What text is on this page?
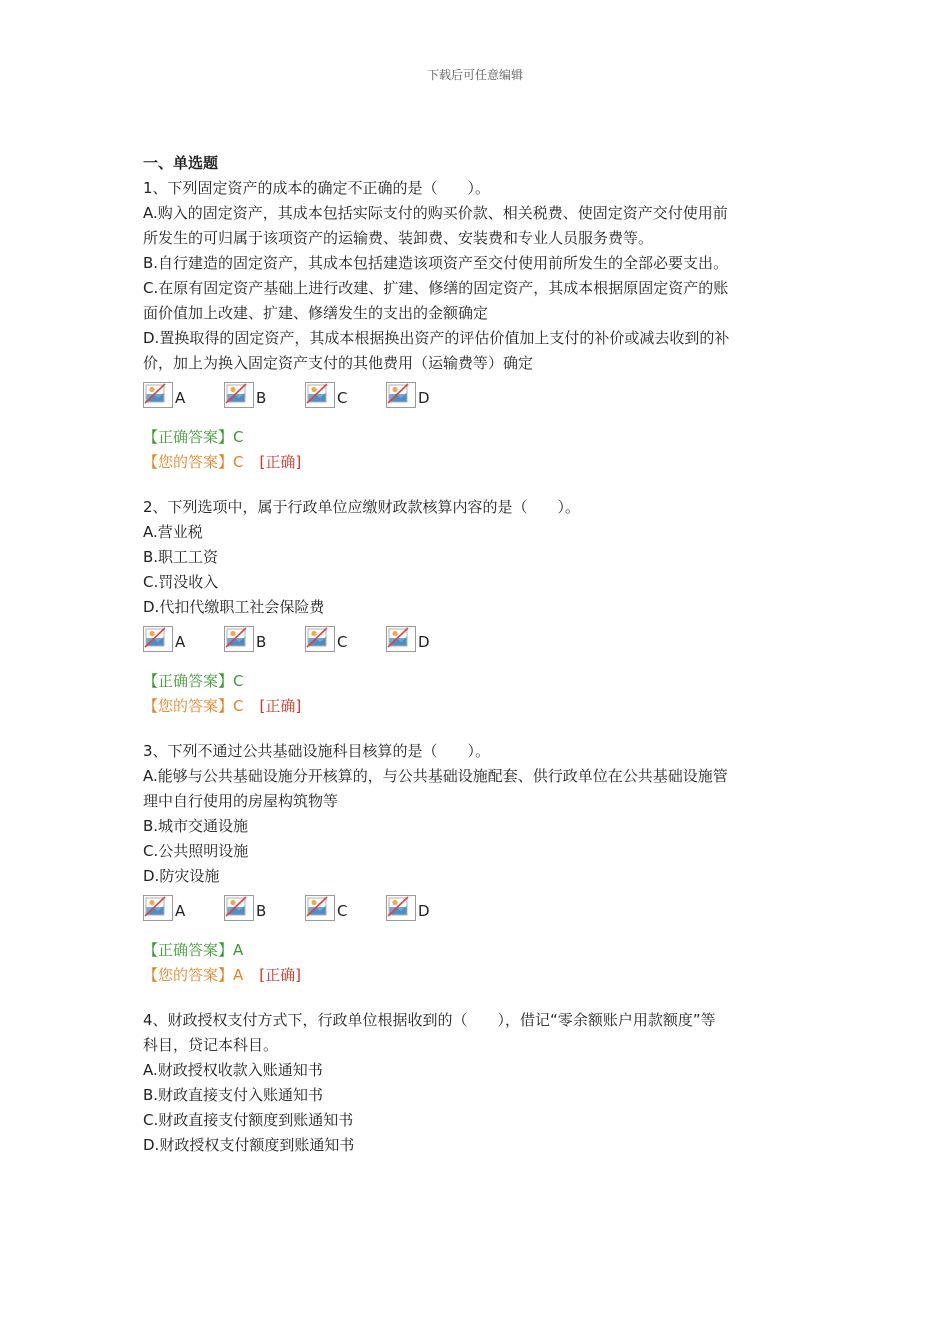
下载后可任意编辑
一、单选题
1、下列固定资产的成本的确定不正确的是（　　）。
A.购入的固定资产，其成本包括实际支付的购买价款、相关税费、使固定资产交付使用前
所发生的可归属于该项资产的运输费、装卸费、安装费和专业人员服务费等。
B.自行建造的固定资产，其成本包括建造该项资产至交付使用前所发生的全部必要支出。
C.在原有固定资产基础上进行改建、扩建、修缮的固定资产，其成本根据原固定资产的账
面价值加上改建、扩建、修缮发生的支出的金额确定
D.置换取得的固定资产，其成本根据换出资产的评估价值加上支付的补价或减去收到的补
价，加上为换入固定资产支付的其他费用（运输费等）确定
A	B	C	D
【正确答案】C
【您的答案】C [正确]
2、下列选项中，属于行政单位应缴财政款核算内容的是（　　）。
A.营业税
B.职工工资
C.罚没收入
D.代扣代缴职工社会保险费
A	B	C	D
【正确答案】C
【您的答案】C [正确]
3、下列不通过公共基础设施科目核算的是（　　）。
A.能够与公共基础设施分开核算的，与公共基础设施配套、供行政单位在公共基础设施管
理中自行使用的房屋构筑物等
B.城市交通设施
C.公共照明设施
D.防灾设施
A	B	C	D
【正确答案】A
【您的答案】A [正确]
4、财政授权支付方式下，行政单位根据收到的（　　），借记“零余额账户用款额度”等
科目，贷记本科目。
A.财政授权收款入账通知书
B.财政直接支付入账通知书
C.财政直接支付额度到账通知书
D.财政授权支付额度到账通知书
